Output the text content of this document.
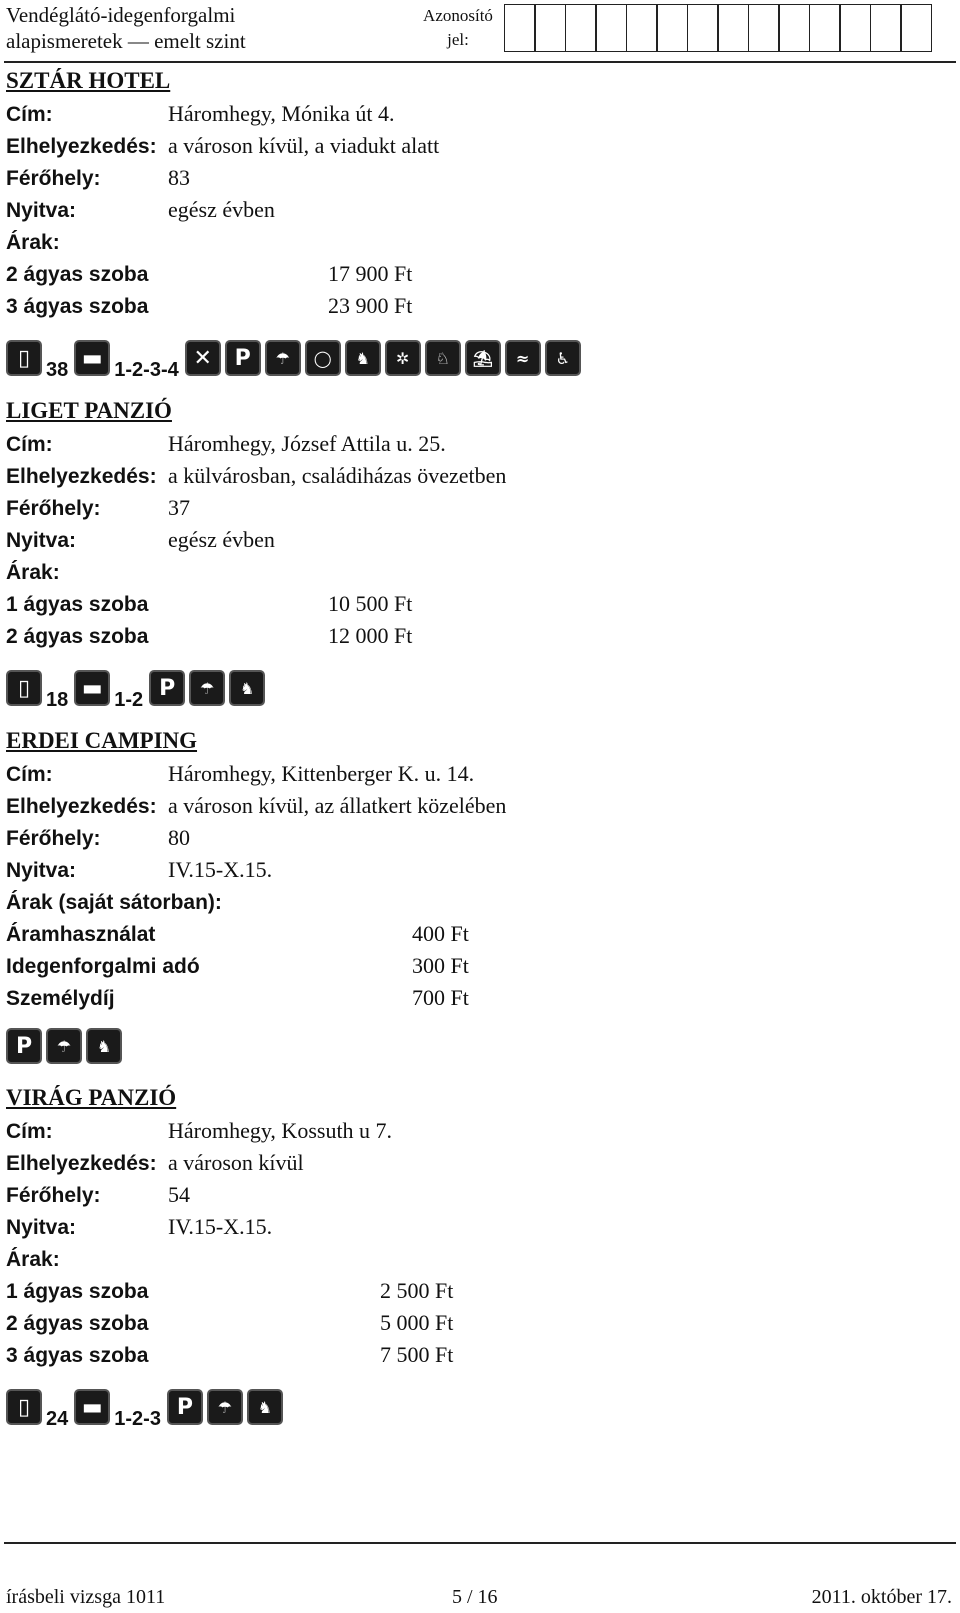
Vendéglátó-idegenforgalmi
alapismeretek — emelt szint
Azonosító
jel:
SZTÁR HOTEL
Cím:	Háromhegy, Mónika út 4.
Elhelyezkedés: a városon kívül, a viadukt alatt
Férőhely:	83
Nyitva:	egész évben
Árak:
2 ágyas szoba	17 900 Ft
3 ágyas szoba	23 900 Ft
▯ 38 ▬ 1-2-3-4 ✕	P	☂	◯	♞	✲	♘	⛱	≈	♿
LIGET PANZIÓ
Cím:	Háromhegy, József Attila u. 25.
Elhelyezkedés: a külvárosban, családiházas övezetben
Férőhely:	37
Nyitva:	egész évben
Árak:
1 ágyas szoba	10 500 Ft
2 ágyas szoba	12 000 Ft
▯ 18 ▬ 1-2 P	☂	♞
ERDEI CAMPING
Cím:	Háromhegy, Kittenberger K. u. 14.
Elhelyezkedés: a városon kívül, az állatkert közelében
Férőhely:	80
Nyitva:	IV.15-X.15.
Árak (saját sátorban):
Áramhasználat	400 Ft
Idegenforgalmi adó	300 Ft
Személydíj	700 Ft
P	☂	♞
VIRÁG PANZIÓ
Cím:	Háromhegy, Kossuth u 7.
Elhelyezkedés: a városon kívül
Férőhely:	54
Nyitva:	IV.15-X.15.
Árak:
1 ágyas szoba	2 500 Ft
2 ágyas szoba	5 000 Ft
3 ágyas szoba	7 500 Ft
▯ 24 ▬ 1-2-3 P	☂	♞
írásbeli vizsga 1011	5 / 16	2011. október 17.
